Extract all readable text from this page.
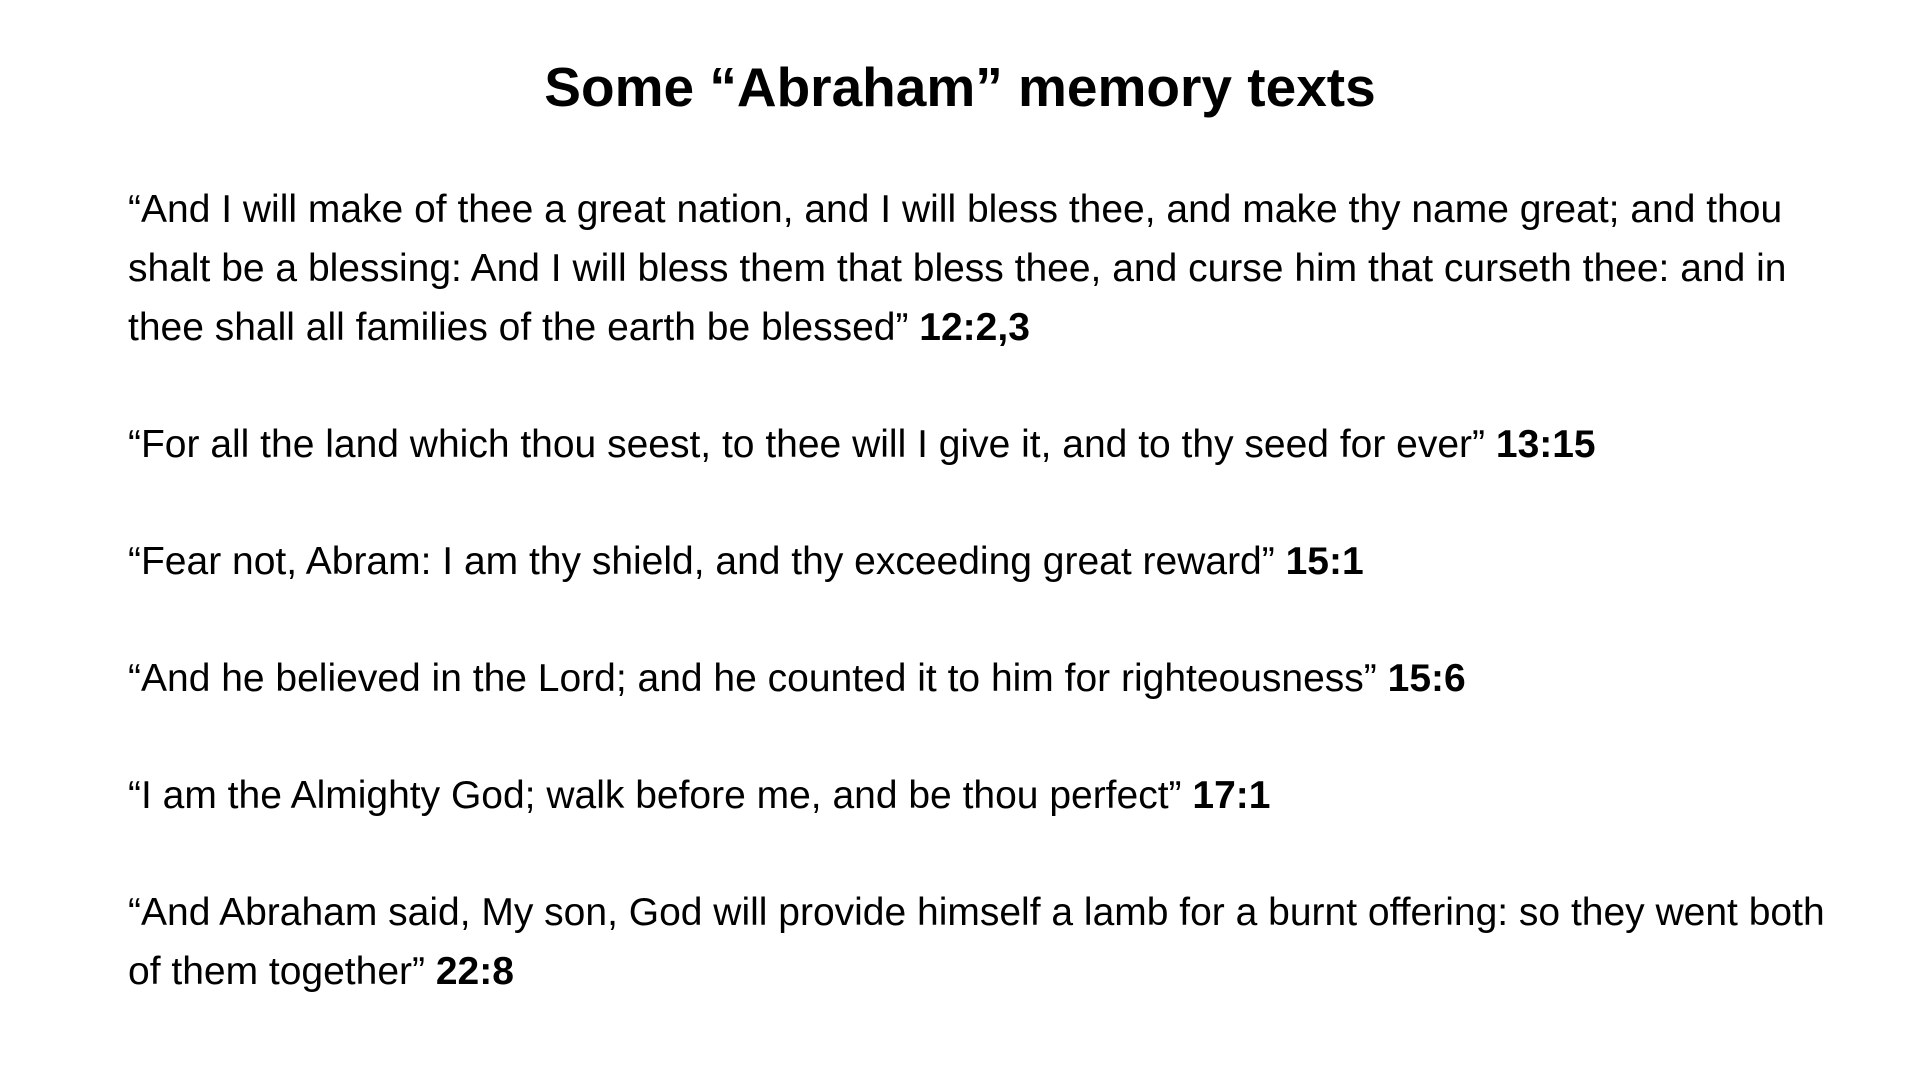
Some “Abraham” memory texts
“And I will make of thee a great nation, and I will bless thee, and make thy name great; and thou shalt be a blessing: And I will bless them that bless thee, and curse him that curseth thee: and in thee shall all families of the earth be blessed” 12:2,3
“For all the land which thou seest, to thee will I give it, and to thy seed for ever” 13:15
“Fear not, Abram: I am thy shield, and thy exceeding great reward” 15:1
“And he believed in the Lord; and he counted it to him for righteousness” 15:6
“I am the Almighty God; walk before me, and be thou perfect” 17:1
“And Abraham said, My son, God will provide himself a lamb for a burnt offering: so they went both of them together” 22:8
